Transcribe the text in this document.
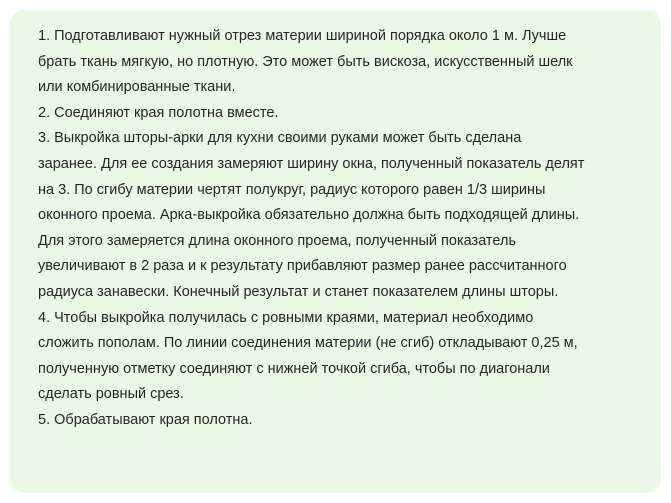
1. Подготавливают нужный отрез материи шириной порядка около 1 м. Лучше
брать ткань мягкую, но плотную. Это может быть вискоза, искусственный шелк
или комбинированные ткани.
2. Соединяют края полотна вместе.
3. Выкройка шторы-арки для кухни своими руками может быть сделана
заранее. Для ее создания замеряют ширину окна, полученный показатель делят
на 3. По сгибу материи чертят полукруг, радиус которого равен 1/3 ширины
оконного проема. Арка-выкройка обязательно должна быть подходящей длины.
Для этого замеряется длина оконного проема, полученный показатель
увеличивают в 2 раза и к результату прибавляют размер ранее рассчитанного
радиуса занавески. Конечный результат и станет показателем длины шторы.
4. Чтобы выкройка получилась с ровными краями, материал необходимо
сложить пополам. По линии соединения материи (не сгиб) откладывают 0,25 м,
полученную отметку соединяют с нижней точкой сгиба, чтобы по диагонали
сделать ровный срез.
5. Обрабатывают края полотна.
